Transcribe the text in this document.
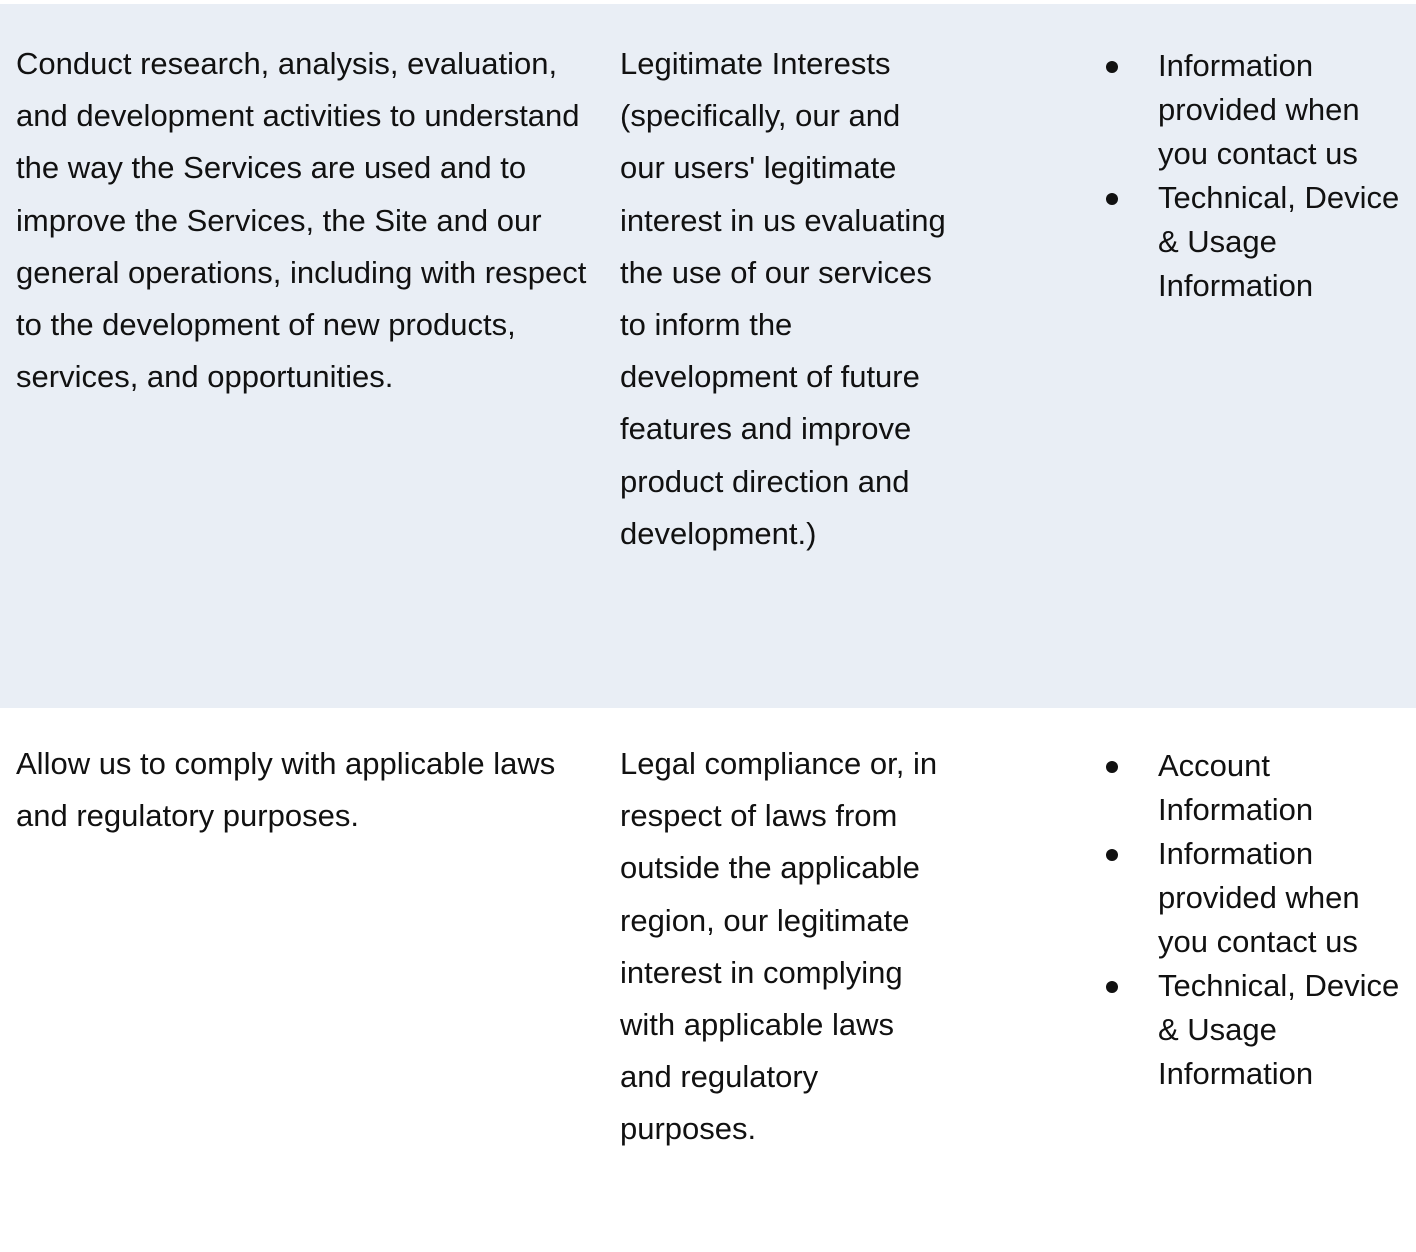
Conduct research, analysis, evaluation, and development activities to understand the way the Services are used and to improve the Services, the Site and our general operations, including with respect to the development of new products, services, and opportunities.

Legitimate Interests (specifically, our and our users' legitimate interest in us evaluating the use of our services to inform the development of future features and improve product direction and development.)

Information provided when you contact us
Technical, Device & Usage Information

Allow us to comply with applicable laws and regulatory purposes.

Legal compliance or, in respect of laws from outside the applicable region, our legitimate interest in complying with applicable laws and regulatory purposes.

Account Information
Information provided when you contact us
Technical, Device & Usage Information
